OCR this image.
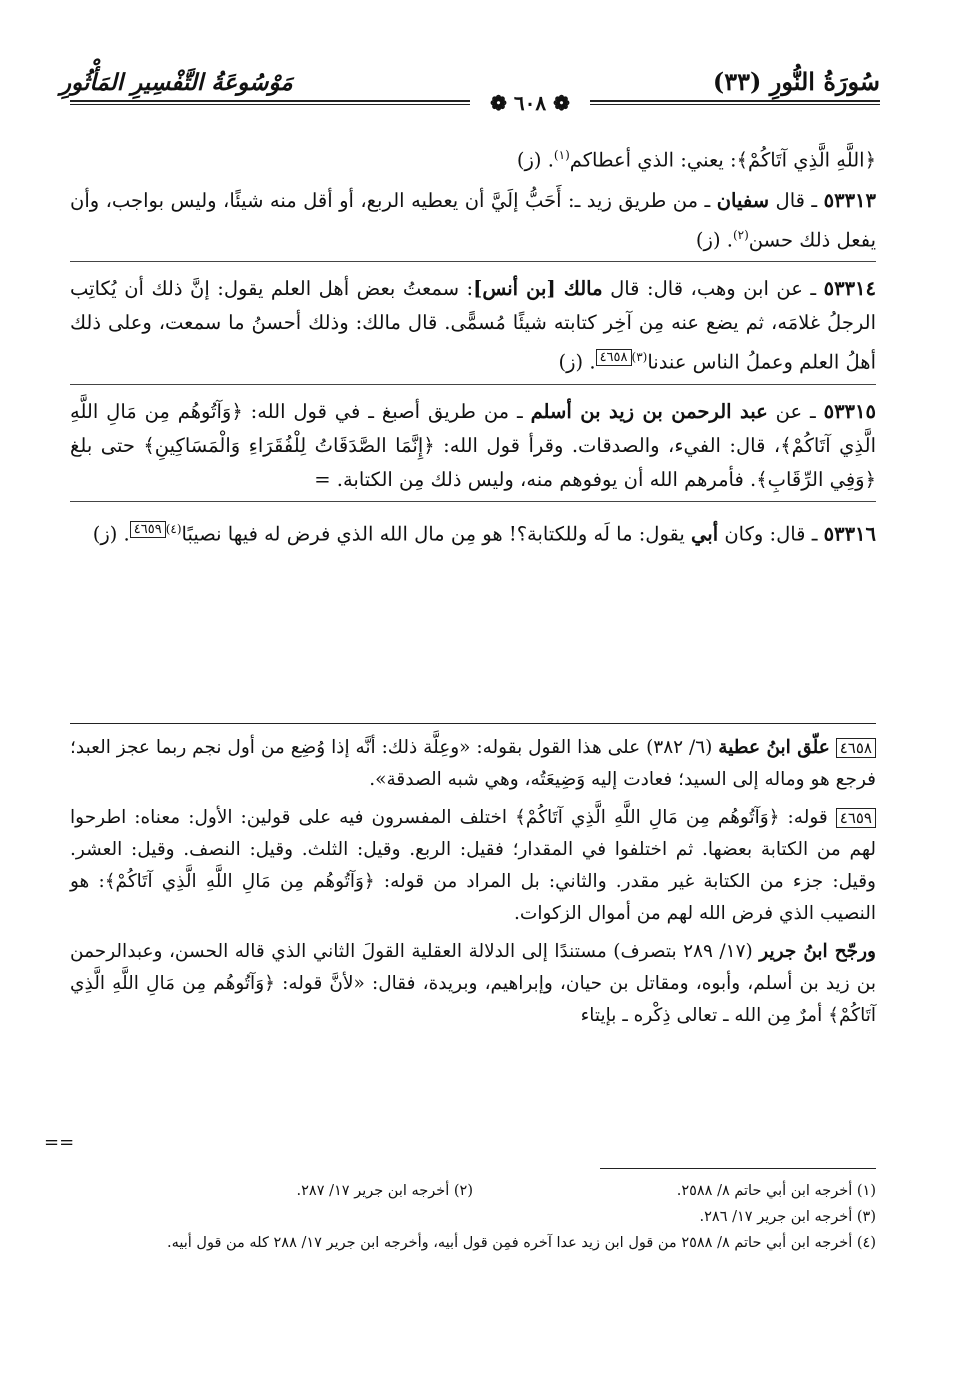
سُورَةُ النُّورِ (٣٣)
مَوْسُوعَةُ التَّفْسِيرِ المَأْثُورِ
❁ ٦٠٨ ❁

﴿اللَّهِ الَّذِي آتَاكُمْ﴾: يعني: الذي أعطاكم$^{(١)}$. (ز)

٥٣٣١٣ ـ قال سفيان ـ من طريق زيد ـ: أَحَبُّ إلَيَّ أن يعطيه الربع، أو أقل منه شيئًا، وليس بواجب، وأن يفعل ذلك حسن$^{(٢)}$. (ز)

٥٣٣١٤ ـ عن ابن وهب، قال: قال مالك [بن أنس]: سمعتُ بعض أهل العلم يقول: إنَّ ذلك أن يُكاتِب الرجلُ غلامَه، ثم يضع عنه مِن آخِر كتابته شيئًا مُسمًّى. قال مالك: وذلك أحسنُ ما سمعت، وعلى ذلك أهلُ العلم وعملُ الناس عندنا$^{(٣)}$٤٦٥٨. (ز)

٥٣٣١٥ ـ عن عبد الرحمن بن زيد بن أسلم ـ من طريق أصبغ ـ في قول الله: ﴿وَآتُوهُم مِن مَالِ اللَّهِ الَّذِي آتَاكُمْ﴾، قال: الفيء، والصدقات. وقرأ قول الله: ﴿إِنَّمَا الصَّدَقَاتُ لِلْفُقَرَاءِ وَالْمَسَاكِينِ﴾ حتى بلغ ﴿وَفِي الرِّقَابِ﴾. فأمرهم الله أن يوفوهم منه، وليس ذلك مِن الكتابة. =

٥٣٣١٦ ـ قال: وكان أبي يقول: ما لَه وللكتابة؟! هو مِن مال الله الذي فرض له فيها نصيبًا$^{(٤)}$٤٦٥٩. (ز)

٤٦٥٨ علّق ابنُ عطية (٦/ ٣٨٢) على هذا القول بقوله: «وعِلَّة ذلك: أنَّه إذا وُضِع من أول نجم ربما عجز العبد؛ فرجع هو وماله إلى السيد؛ فعادت إليه وَضِيعَتُه، وهي شبه الصدقة».

٤٦٥٩ قوله: ﴿وَآتُوهُم مِن مَالِ اللَّهِ الَّذِي آتَاكُمْ﴾ اختلف المفسرون فيه على قولين: الأول: معناه: اطرحوا لهم من الكتابة بعضها. ثم اختلفوا في المقدار؛ فقيل: الربع. وقيل: الثلث. وقيل: النصف. وقيل: العشر. وقيل: جزء من الكتابة غير مقدر. والثاني: بل المراد من قوله: ﴿وَآتُوهُم مِن مَالِ اللَّهِ الَّذِي آتَاكُمْ﴾: هو النصيب الذي فرض الله لهم من أموال الزكوات.

ورجّح ابنُ جرير (١٧/ ٢٨٩ بتصرف) مستندًا إلى الدلالة العقلية القولَ الثاني الذي قاله الحسن، وعبدالرحمن بن زيد بن أسلم، وأبوه، ومقاتل بن حيان، وإبراهيم، وبريدة، فقال: «لأنَّ قوله: ﴿وَآتُوهُم مِن مَالِ اللَّهِ الَّذِي آتَاكُمْ﴾ أمرٌ مِن الله ـ تعالى ذِكْره ـ بإيتاء

==
(١) أخرجه ابن أبي حاتم ٨/ ٢٥٨٨.
(٢) أخرجه ابن جرير ١٧/ ٢٨٧.
(٣) أخرجه ابن جرير ١٧/ ٢٨٦.
(٤) أخرجه ابن أبي حاتم ٨/ ٢٥٨٨ من قول ابن زيد عدا آخره فمِن قول أبيه، وأخرجه ابن جرير ١٧/ ٢٨٨ كله من قول أبيه.
